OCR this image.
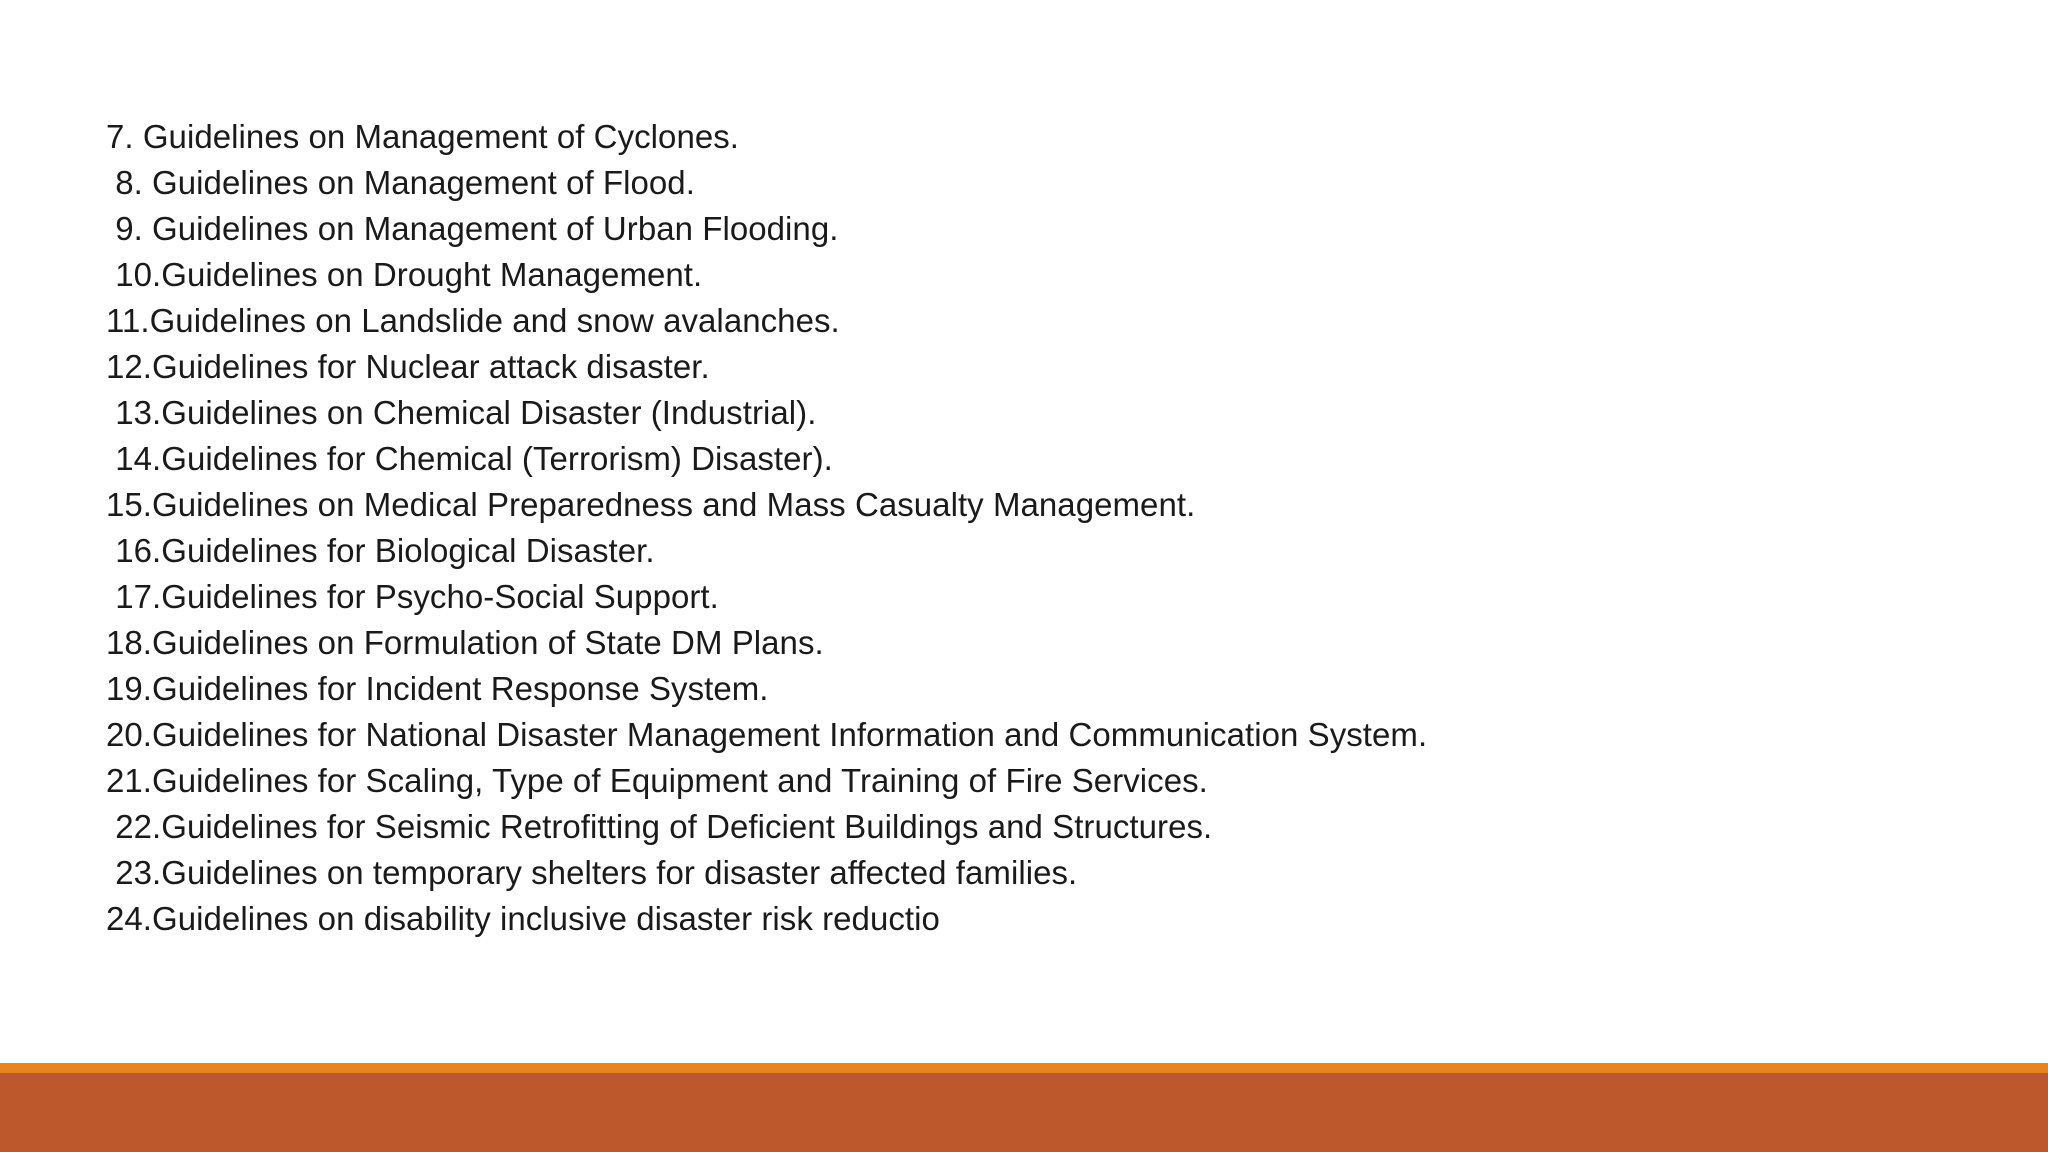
7. Guidelines on Management of Cyclones.
8. Guidelines on Management of Flood.
9. Guidelines on Management of Urban Flooding.
10.Guidelines on Drought Management.
11.Guidelines on Landslide and snow avalanches.
12.Guidelines for Nuclear attack disaster.
13.Guidelines on Chemical Disaster (Industrial).
14.Guidelines for Chemical (Terrorism) Disaster).
15.Guidelines on Medical Preparedness and Mass Casualty Management.
16.Guidelines for Biological Disaster.
17.Guidelines for Psycho-Social Support.
18.Guidelines on Formulation of State DM Plans.
19.Guidelines for Incident Response System.
20.Guidelines for National Disaster Management Information and Communication System.
21.Guidelines for Scaling, Type of Equipment and Training of Fire Services.
22.Guidelines for Seismic Retrofitting of Deficient Buildings and Structures.
23.Guidelines on temporary shelters for disaster affected families.
24.Guidelines on disability inclusive disaster risk reductio
